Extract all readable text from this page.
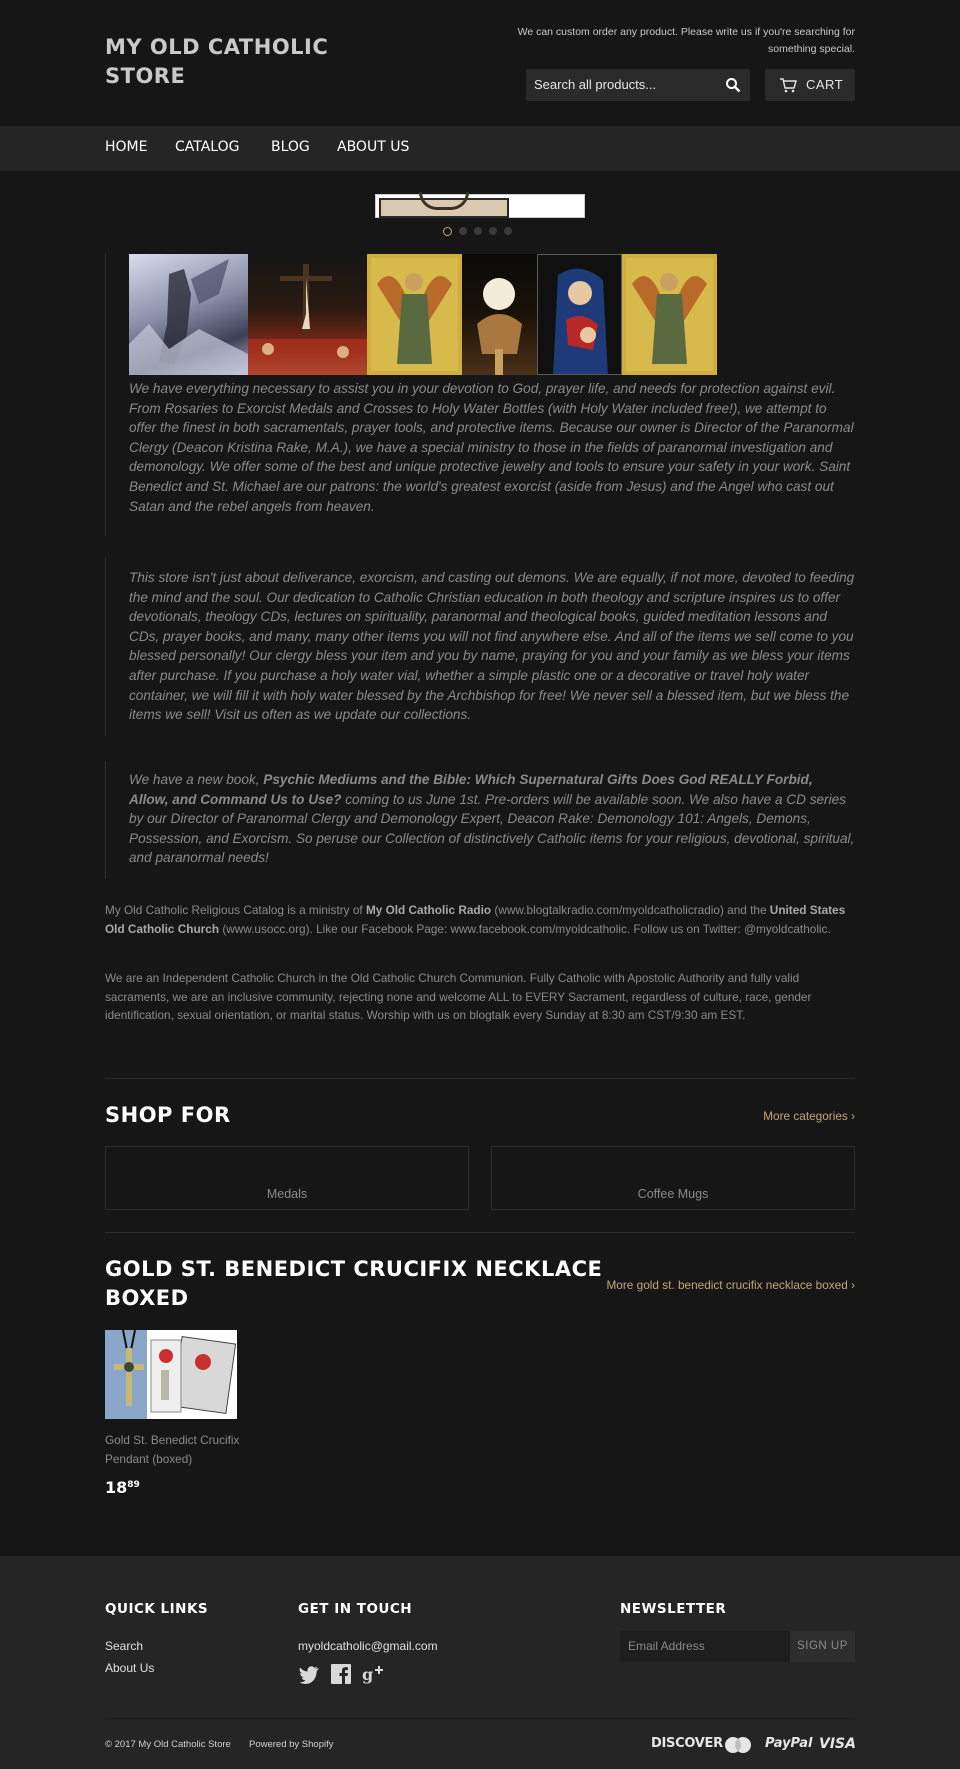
MY OLD CATHOLIC STORE
We can custom order any product. Please write us if you're searching for something special.
Search all products...	CART
HOME CATALOG BLOG ABOUT US

We have everything necessary to assist you in your devotion to God, prayer life, and needs for protection against evil. From Rosaries to Exorcist Medals and Crosses to Holy Water Bottles (with Holy Water included free!), we attempt to offer the finest in both sacramentals, prayer tools, and protective items. Because our owner is Director of the Paranormal Clergy (Deacon Kristina Rake, M.A.), we have a special ministry to those in the fields of paranormal investigation and demonology. We offer some of the best and unique protective jewelry and tools to ensure your safety in your work. Saint Benedict and St. Michael are our patrons: the world's greatest exorcist (aside from Jesus) and the Angel who cast out Satan and the rebel angels from heaven.

This store isn't just about deliverance, exorcism, and casting out demons. We are equally, if not more, devoted to feeding the mind and the soul. Our dedication to Catholic Christian education in both theology and scripture inspires us to offer devotionals, theology CDs, lectures on spirituality, paranormal and theological books, guided meditation lessons and CDs, prayer books, and many, many other items you will not find anywhere else. And all of the items we sell come to you blessed personally! Our clergy bless your item and you by name, praying for you and your family as we bless your items after purchase. If you purchase a holy water vial, whether a simple plastic one or a decorative or travel holy water container, we will fill it with holy water blessed by the Archbishop for free! We never sell a blessed item, but we bless the items we sell! Visit us often as we update our collections.

We have a new book, Psychic Mediums and the Bible: Which Supernatural Gifts Does God REALLY Forbid, Allow, and Command Us to Use? coming to us June 1st. Pre-orders will be available soon. We also have a CD series by our Director of Paranormal Clergy and Demonology Expert, Deacon Rake: Demonology 101: Angels, Demons, Possession, and Exorcism. So peruse our Collection of distinctively Catholic items for your religious, devotional, spiritual, and paranormal needs!

My Old Catholic Religious Catalog is a ministry of My Old Catholic Radio (www.blogtalkradio.com/myoldcatholicradio) and the United States Old Catholic Church (www.usocc.org). Like our Facebook Page: www.facebook.com/myoldcatholic. Follow us on Twitter: @myoldcatholic.

We are an Independent Catholic Church in the Old Catholic Church Communion. Fully Catholic with Apostolic Authority and fully valid sacraments, we are an inclusive community, rejecting none and welcome ALL to EVERY Sacrament, regardless of culture, race, gender identification, sexual orientation, or marital status. Worship with us on blogtalk every Sunday at 8:30 am CST/9:30 am EST.

SHOP FOR	More categories ›
Medals	Coffee Mugs
GOLD ST. BENEDICT CRUCIFIX NECKLACE BOXED
More gold st. benedict crucifix necklace boxed ›
Gold St. Benedict Crucifix Pendant (boxed)
$18^{89}$
QUICK LINKS
Search
About Us
GET IN TOUCH
myoldcatholic@gmail.com
g
NEWSLETTER
Email Address	SIGN UP
© 2017 My Old Catholic Store Powered by Shopify	DISCOVER	PayPal VISA
